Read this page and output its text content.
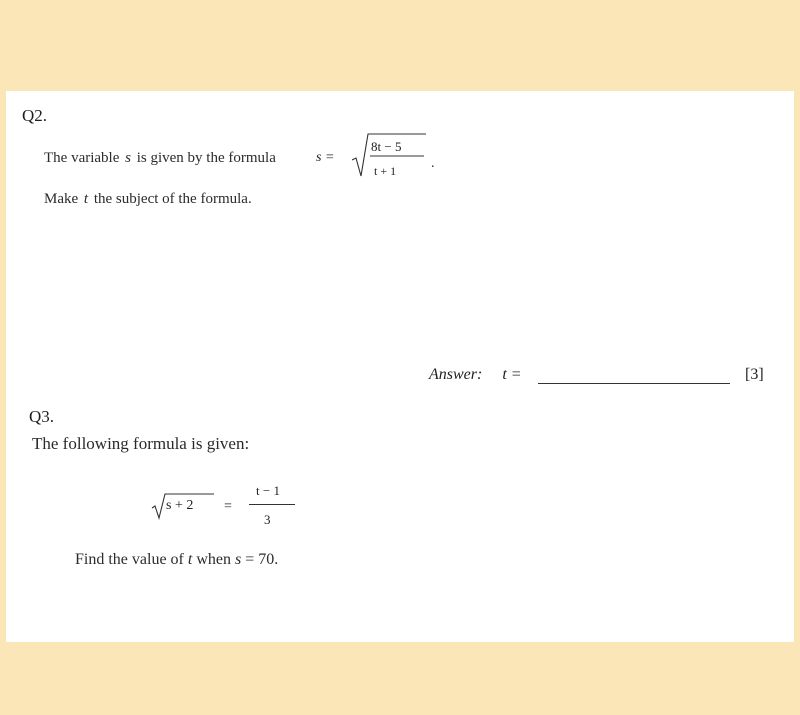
Q2.
The variable s is given by the formula	s =
8t − 5
t + 1 .
Make t the subject of the formula.
Answer: t =	[3]
Q3.
The following formula is given:
s + 2 =
t − 1
3
Find the value of t when s = 70.
